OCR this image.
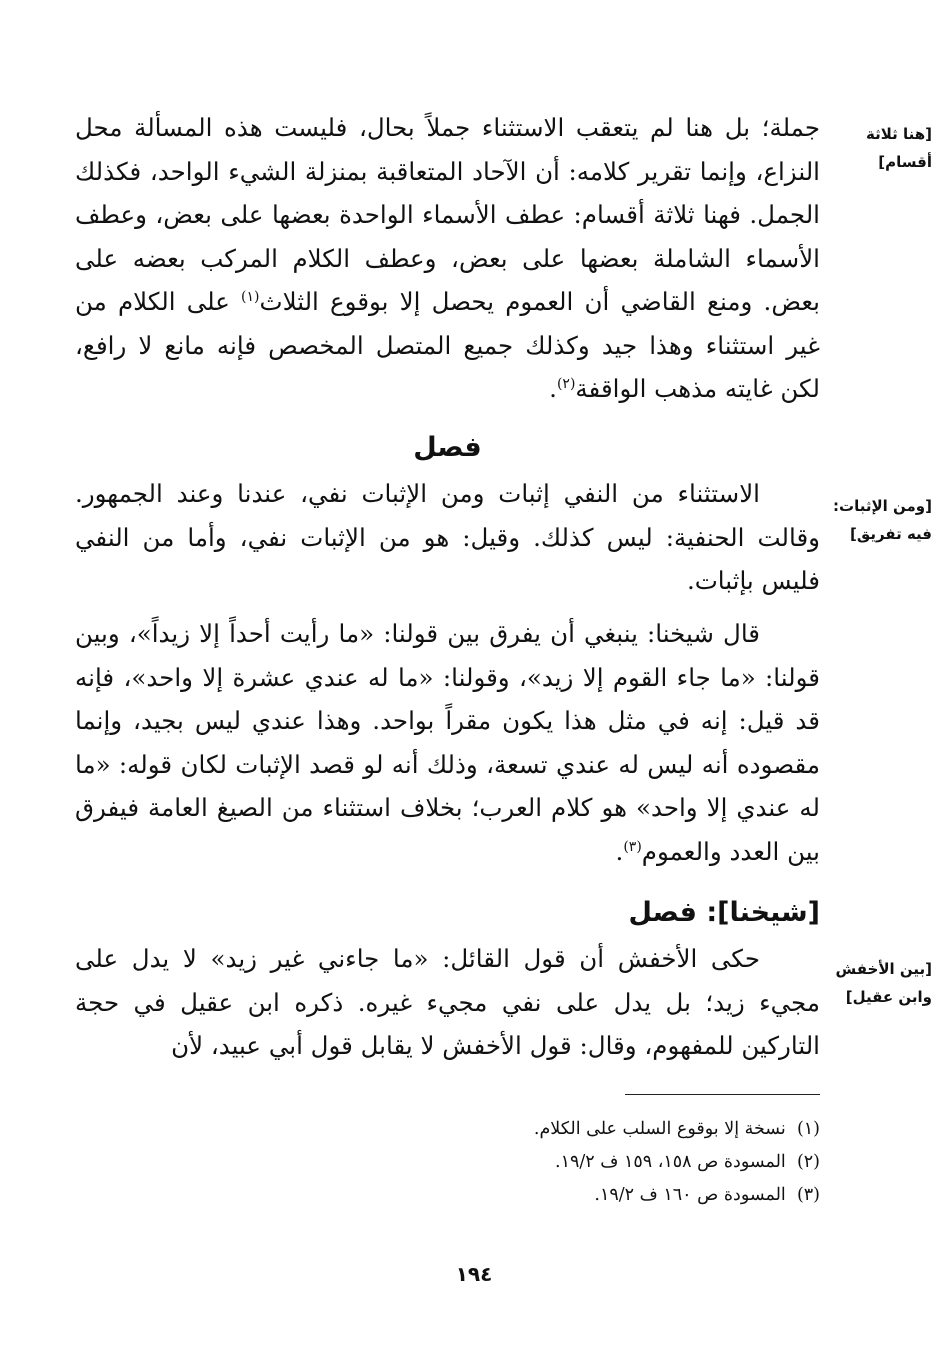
[هنا ثلاثة أقسام]
[ومن الإثبات: فيه تفريق]
[بين الأخفش وابن عقيل]

جملة؛ بل هنا لم يتعقب الاستثناء جملاً بحال، فليست هذه المسألة محل النزاع، وإنما تقرير كلامه: أن الآحاد المتعاقبة بمنزلة الشيء الواحد، فكذلك الجمل. فهنا ثلاثة أقسام: عطف الأسماء الواحدة بعضها على بعض، وعطف الأسماء الشاملة بعضها على بعض، وعطف الكلام المركب بعضه على بعض. ومنع القاضي أن العموم يحصل إلا بوقوع الثلاث$^{(١)}$ على الكلام من غير استثناء وهذا جيد وكذلك جميع المتصل المخصص فإنه مانع لا رافع، لكن غايته مذهب الواقفة$^{(٢)}$.

فصل

الاستثناء من النفي إثبات ومن الإثبات نفي، عندنا وعند الجمهور. وقالت الحنفية: ليس كذلك. وقيل: هو من الإثبات نفي، وأما من النفي فليس بإثبات.

قال شيخنا: ينبغي أن يفرق بين قولنا: «ما رأيت أحداً إلا زيداً»، وبين قولنا: «ما جاء القوم إلا زيد»، وقولنا: «ما له عندي عشرة إلا واحد»، فإنه قد قيل: إنه في مثل هذا يكون مقراً بواحد. وهذا عندي ليس بجيد، وإنما مقصوده أنه ليس له عندي تسعة، وذلك أنه لو قصد الإثبات لكان قوله: «ما له عندي إلا واحد» هو كلام العرب؛ بخلاف استثناء من الصيغ العامة فيفرق بين العدد والعموم$^{(٣)}$.

[شيخنا]: فصل

حكى الأخفش أن قول القائل: «ما جاءني غير زيد» لا يدل على مجيء زيد؛ بل يدل على نفي مجيء غيره. ذكره ابن عقيل في حجة التاركين للمفهوم، وقال: قول الأخفش لا يقابل قول أبي عبيد، لأن

(١)  نسخة إلا بوقوع السلب على الكلام.

(٢)  المسودة ص ١٥٨، ١٥٩ ف ١٩/٢.

(٣)  المسودة ص ١٦٠ ف ١٩/٢.

١٩٤
